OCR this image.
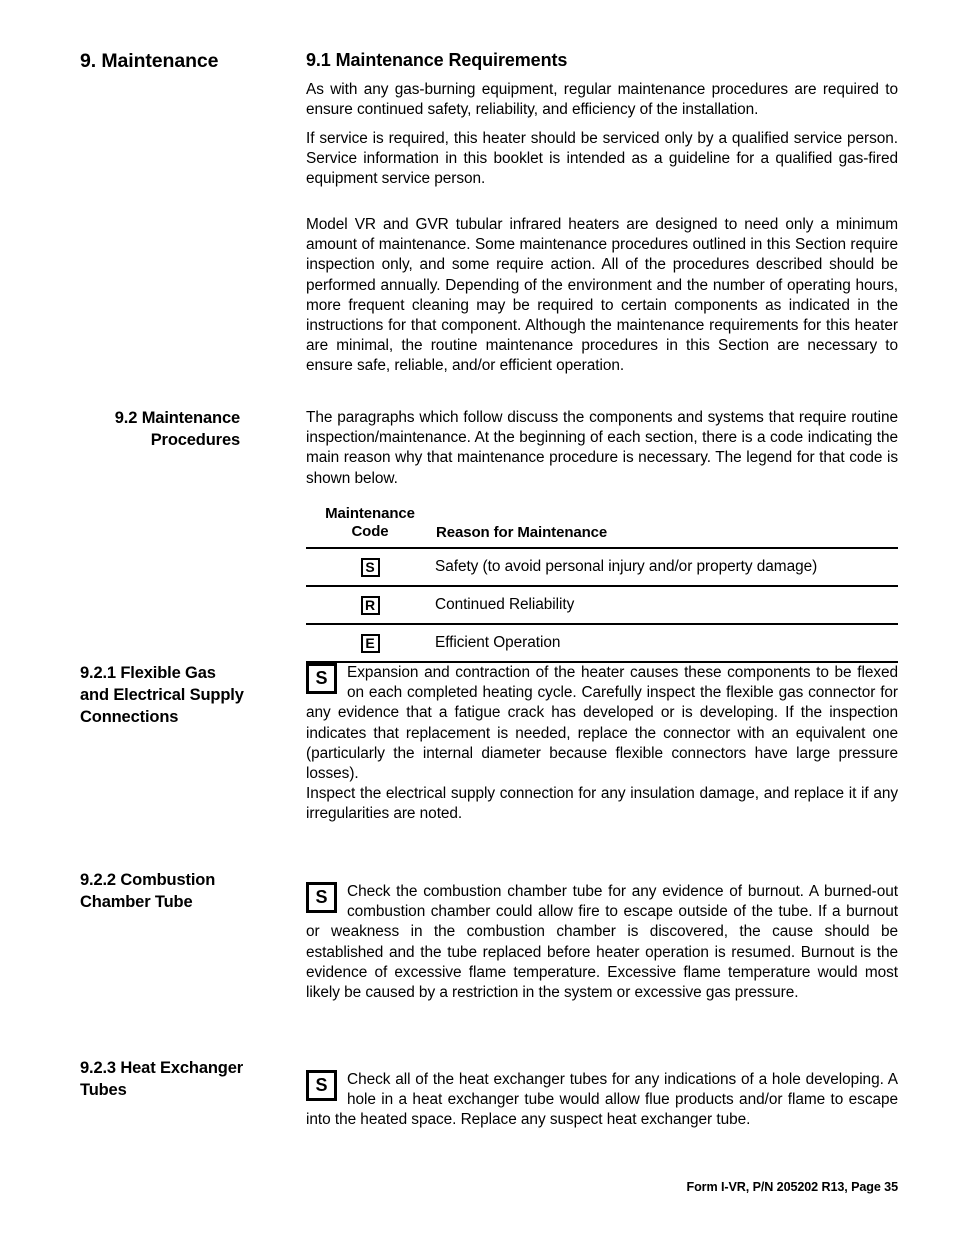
9. Maintenance	9.1 Maintenance Requirements

As with any gas-burning equipment, regular maintenance procedures are required to ensure continued safety, reliability, and efficiency of the installation.

If service is required, this heater should be serviced only by a qualified service person. Service information in this booklet is intended as a guideline for a qualified gas-fired equipment service person.

Model VR and GVR tubular infrared heaters are designed to need only a minimum amount of maintenance. Some maintenance procedures outlined in this Section require inspection only, and some require action. All of the procedures described should be performed annually. Depending of the environment and the number of operating hours, more frequent cleaning may be required to certain components as indicated in the instructions for that component. Although the maintenance requirements for this heater are minimal, the routine maintenance procedures in this Section are necessary to ensure safe, reliable, and/or efficient operation.

9.2 Maintenance
Procedures

The paragraphs which follow discuss the components and systems that require routine inspection/maintenance. At the beginning of each section, there is a code indicating the main reason why that maintenance procedure is necessary. The legend for that code is shown below.

Maintenance
Code	Reason for Maintenance
S	Safety (to avoid personal injury and/or property damage)
R	Continued Reliability
E	Efficient Operation

9.2.1 Flexible Gas
and Electrical Supply
Connections
S	Expansion and contraction of the heater causes these components to be flexed on each completed heating cycle. Carefully inspect the flexible gas connector for any evidence that a fatigue crack has developed or is developing. If the inspection indicates that replacement is needed, replace the connector with an equivalent one (particularly the internal diameter because flexible connectors have large pressure losses).

Inspect the electrical supply connection for any insulation damage, and replace it if any irregularities are noted.

9.2.2 Combustion
Chamber Tube	S	Check the combustion chamber tube for any evidence of burnout. A burned-out combustion chamber could allow fire to escape outside of the tube. If a burnout or weakness in the combustion chamber is discovered, the cause should be established and the tube replaced before heater operation is resumed. Burnout is the evidence of excessive flame temperature. Excessive flame temperature would most likely be caused by a restriction in the system or excessive gas pressure.

9.2.3 Heat Exchanger
Tubes	S	Check all of the heat exchanger tubes for any indications of a hole developing. A hole in a heat exchanger tube would allow flue products and/or flame to escape into the heated space. Replace any suspect heat exchanger tube.

Form I-VR, P/N 205202 R13, Page 35
